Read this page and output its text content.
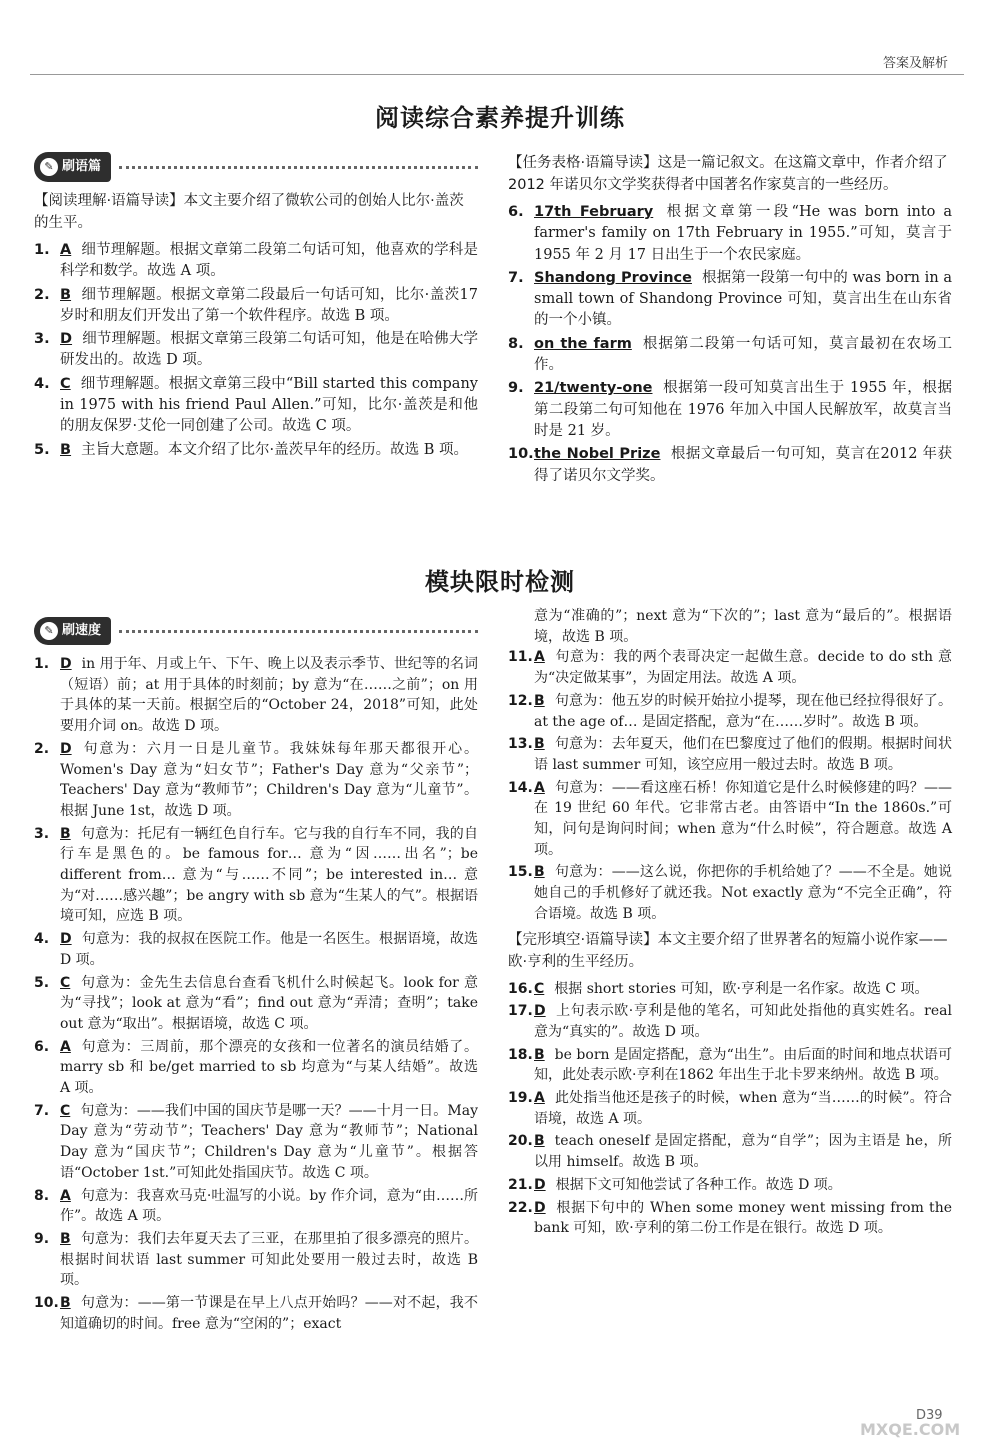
答案及解析
阅读综合素养提升训练
✎ 刷语篇
【阅读理解·语篇导读】本文主要介绍了微软公司的创始人比尔·盖茨的生平。
1. A 细节理解题。根据文章第二段第二句话可知，他喜欢的学科是科学和数学。故选 A 项。
2. B 细节理解题。根据文章第二段最后一句话可知，比尔·盖茨17 岁时和朋友们开发出了第一个软件程序。故选 B 项。
3. D 细节理解题。根据文章第三段第二句话可知，他是在哈佛大学研发出的。故选 D 项。
4. C 细节理解题。根据文章第三段中“Bill started this company in 1975 with his friend Paul Allen.”可知，比尔·盖茨是和他的朋友保罗·艾伦一同创建了公司。故选 C 项。
5. B 主旨大意题。本文介绍了比尔·盖茨早年的经历。故选 B 项。
【任务表格·语篇导读】这是一篇记叙文。在这篇文章中，作者介绍了2012 年诺贝尔文学奖获得者中国著名作家莫言的一些经历。
6. 17th February 根据文章第一段“He was born into a farmer's family on 17th February in 1955.”可知，莫言于1955 年 2 月 17 日出生于一个农民家庭。
7. Shandong Province 根据第一段第一句中的 was born in a small town of Shandong Province 可知，莫言出生在山东省的一个小镇。
8. on the farm 根据第二段第一句话可知，莫言最初在农场工作。
9. 21/twenty-one 根据第一段可知莫言出生于 1955 年，根据第二段第二句可知他在 1976 年加入中国人民解放军，故莫言当时是 21 岁。
10. the Nobel Prize 根据文章最后一句可知，莫言在2012 年获得了诺贝尔文学奖。
模块限时检测
✎ 刷速度
1. D in 用于年、月或上午、下午、晚上以及表示季节、世纪等的名词（短语）前；at 用于具体的时刻前；by 意为“在……之前”；on 用于具体的某一天前。根据空后的“October 24，2018”可知，此处要用介词 on。故选 D 项。
2. D 句意为：六月一日是儿童节。我妹妹每年那天都很开心。Women's Day 意为“妇女节”；Father's Day 意为“父亲节”；Teachers' Day 意为“教师节”；Children's Day 意为“儿童节”。根据 June 1st，故选 D 项。
3. B 句意为：托尼有一辆红色自行车。它与我的自行车不同，我的自行车是黑色的。be famous for… 意为“因……出名”；be different from… 意为“与……不同”；be interested in… 意为“对……感兴趣”；be angry with sb 意为“生某人的气”。根据语境可知，应选 B 项。
4. D 句意为：我的叔叔在医院工作。他是一名医生。根据语境，故选 D 项。
5. C 句意为：金先生去信息台查看飞机什么时候起飞。look for 意为“寻找”；look at 意为“看”；find out 意为“弄清；查明”；take out 意为“取出”。根据语境，故选 C 项。
6. A 句意为：三周前，那个漂亮的女孩和一位著名的演员结婚了。marry sb 和 be/get married to sb 均意为“与某人结婚”。故选 A 项。
7. C 句意为：——我们中国的国庆节是哪一天？——十月一日。May Day 意为“劳动节”；Teachers' Day 意为“教师节”；National Day 意为“国庆节”；Children's Day 意为“儿童节”。根据答语“October 1st.”可知此处指国庆节。故选 C 项。
8. A 句意为：我喜欢马克·吐温写的小说。by 作介词，意为“由……所作”。故选 A 项。
9. B 句意为：我们去年夏天去了三亚，在那里拍了很多漂亮的照片。根据时间状语 last summer 可知此处要用一般过去时，故选 B 项。
10. B 句意为：——第一节课是在早上八点开始吗？——对不起，我不知道确切的时间。free 意为“空闲的”；exact
意为“准确的”；next 意为“下次的”；last 意为“最后的”。根据语境，故选 B 项。
11. A 句意为：我的两个表哥决定一起做生意。decide to do sth 意为“决定做某事”，为固定用法。故选 A 项。
12. B 句意为：他五岁的时候开始拉小提琴，现在他已经拉得很好了。at the age of… 是固定搭配，意为“在……岁时”。故选 B 项。
13. B 句意为：去年夏天，他们在巴黎度过了他们的假期。根据时间状语 last summer 可知，该空应用一般过去时。故选 B 项。
14. A 句意为：——看这座石桥！你知道它是什么时候修建的吗？——在 19 世纪 60 年代。它非常古老。由答语中“In the 1860s.”可知，问句是询问时间；when 意为“什么时候”，符合题意。故选 A 项。
15. B 句意为：——这么说，你把你的手机给她了？——不全是。她说她自己的手机修好了就还我。Not exactly 意为“不完全正确”，符合语境。故选 B 项。
【完形填空·语篇导读】本文主要介绍了世界著名的短篇小说作家——欧·亨利的生平经历。
16. C 根据 short stories 可知，欧·亨利是一名作家。故选 C 项。
17. D 上句表示欧·亨利是他的笔名，可知此处指他的真实姓名。real 意为“真实的”。故选 D 项。
18. B be born 是固定搭配，意为“出生”。由后面的时间和地点状语可知，此处表示欧·亨利在1862 年出生于北卡罗来纳州。故选 B 项。
19. A 此处指当他还是孩子的时候，when 意为“当……的时候”。符合语境，故选 A 项。
20. B teach oneself 是固定搭配，意为“自学”；因为主语是 he，所以用 himself。故选 B 项。
21. D 根据下文可知他尝试了各种工作。故选 D 项。
22. D 根据下句中的 When some money went missing from the bank 可知，欧·亨利的第二份工作是在银行。故选 D 项。
D39
MXQE.COM
